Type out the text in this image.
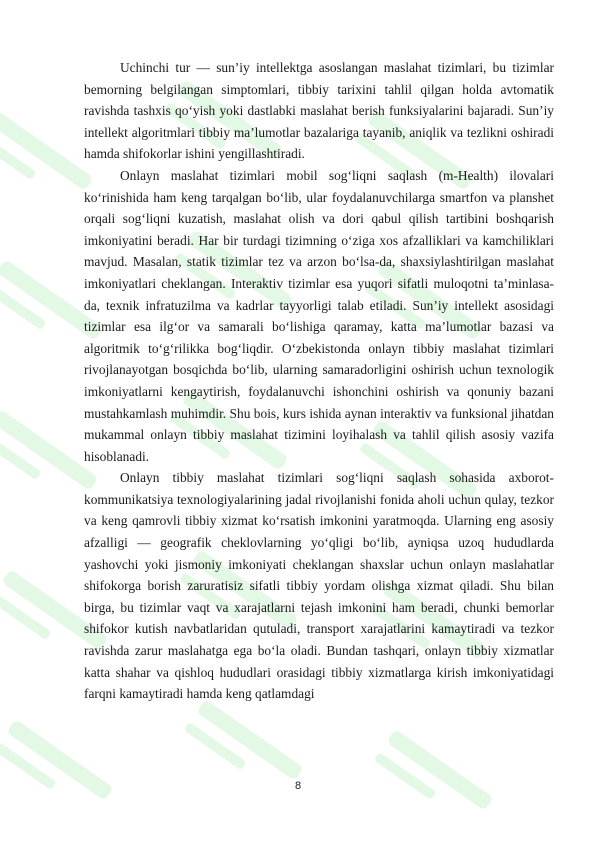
Uchinchi tur — sun’iy intellektga asoslangan maslahat tizimlari, bu tizimlar bemorning belgilangan simptomlari, tibbiy tarixini tahlil qilgan holda avtomatik ravishda tashxis qo‘yish yoki dastlabki maslahat berish funksiyalarini bajaradi. Sun’iy intellekt algoritmlari tibbiy ma’lumotlar bazalariga tayanib, aniqlik va tezlikni oshiradi hamda shifokorlar ishini yengillashtiradi.

Onlayn maslahat tizimlari mobil sog‘liqni saqlash (m-Health) ilovalari ko‘rinishida ham keng tarqalgan bo‘lib, ular foydalanuvchilarga smartfon va planshet orqali sog‘liqni kuzatish, maslahat olish va dori qabul qilish tartibini boshqarish imkoniyatini beradi. Har bir turdagi tizimning o‘ziga xos afzalliklari va kamchiliklari mavjud. Masalan, statik tizimlar tez va arzon bo‘lsa-da, shaxsiylashtirilgan maslahat imkoniyatlari cheklangan. Interaktiv tizimlar esa yuqori sifatli muloqotni ta’minlasa-da, texnik infratuzilma va kadrlar tayyorligi talab etiladi. Sun’iy intellekt asosidagi tizimlar esa ilg‘or va samarali bo‘lishiga qaramay, katta ma’lumotlar bazasi va algoritmik to‘g‘rilikka bog‘liqdir. O‘zbekistonda onlayn tibbiy maslahat tizimlari rivojlanayotgan bosqichda bo‘lib, ularning samaradorligini oshirish uchun texnologik imkoniyatlarni kengaytirish, foydalanuvchi ishonchini oshirish va qonuniy bazani mustahkamlash muhimdir. Shu bois, kurs ishida aynan interaktiv va funksional jihatdan mukammal onlayn tibbiy maslahat tizimini loyihalash va tahlil qilish asosiy vazifa hisoblanadi.

Onlayn tibbiy maslahat tizimlari sog‘liqni saqlash sohasida axborot-kommunikatsiya texnologiyalarining jadal rivojlanishi fonida aholi uchun qulay, tezkor va keng qamrovli tibbiy xizmat ko‘rsatish imkonini yaratmoqda. Ularning eng asosiy afzalligi — geografik cheklovlarning yo‘qligi bo‘lib, ayniqsa uzoq hududlarda yashovchi yoki jismoniy imkoniyati cheklangan shaxslar uchun onlayn maslahatlar shifokorga borish zaruratisiz sifatli tibbiy yordam olishga xizmat qiladi. Shu bilan birga, bu tizimlar vaqt va xarajatlarni tejash imkonini ham beradi, chunki bemorlar shifokor kutish navbatlaridan qutuladi, transport xarajatlarini kamaytiradi va tezkor ravishda zarur maslahatga ega bo‘la oladi. Bundan tashqari, onlayn tibbiy xizmatlar katta shahar va qishloq hududlari orasidagi tibbiy xizmatlarga kirish imkoniyatidagi farqni kamaytiradi hamda keng qatlamdagi

8
